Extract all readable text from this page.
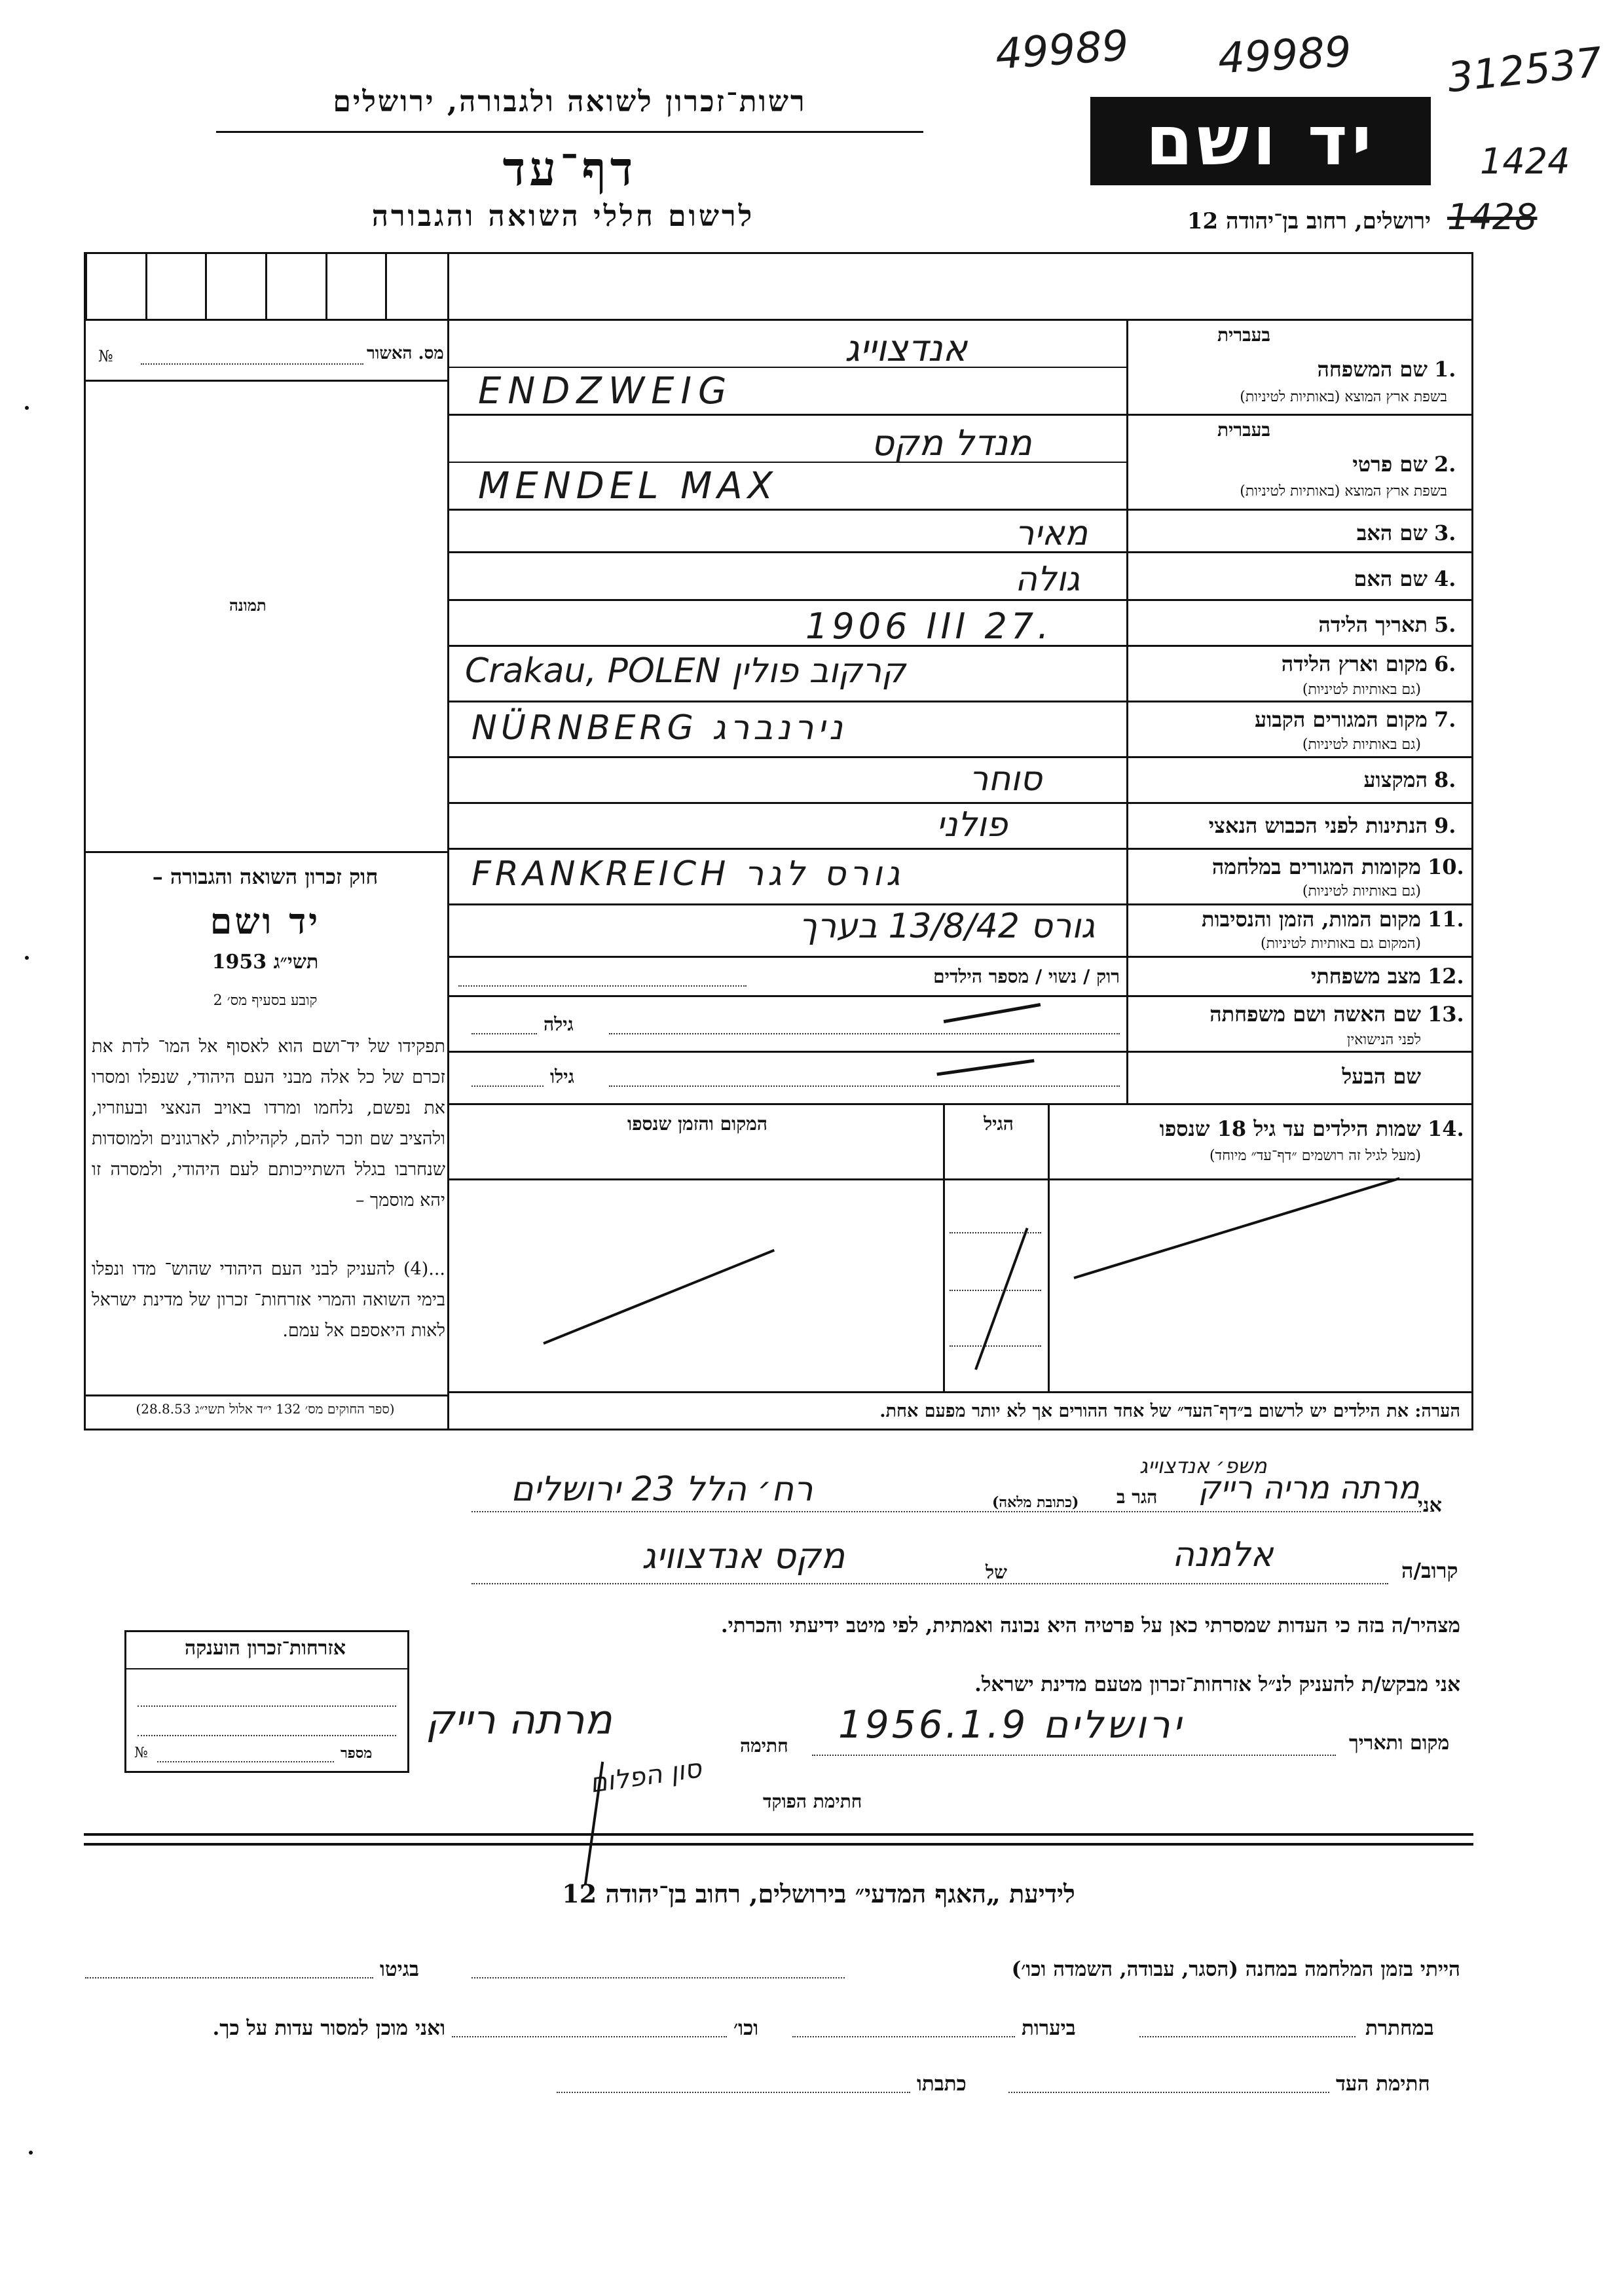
49989 49989 312537
1424
1428
רשות־זכרון לשואה ולגבורה, ירושלים
דף־עד
לרשום חללי השואה והגבורה
יד ושם
ירושלים, רחוב בן־יהודה 12
מס. האשור
№
תמונה
חוק זכרון השואה והגבורה –
יד ושם
תשי״ג 1953
קובע בסעיף מס׳ 2
תפקידו של יד־ושם הוא לאסוף אל המו־ לדת את זכרם של כל אלה מבני העם היהודי, שנפלו ומסרו את נפשם, נלחמו ומרדו באויב הנאצי ובעוזריו, ולהציב שם וזכר להם, לקהילות, לארגונים ולמוסדות שנחרבו בגלל השתייכותם לעם היהודי, ולמסרה זו יהא מוסמך –
...(4) להעניק לבני העם היהודי שהוש־ מדו ונפלו בימי השואה והמרי אזרחות־ זכרון של מדינת ישראל לאות היאספם אל עמם.
(ספר החוקים מס׳ 132 י״ד אלול תשי״ג 28.8.53)
בעברית
1.
שם המשפחה
בשפת ארץ המוצא (באותיות לטיניות)
אנדצוייג
ENDZWEIG
בעברית
2.
שם פרטי
בשפת ארץ המוצא (באותיות לטיניות)
מנדל מקס
MENDEL MAX
3.
שם האב
מאיר
4.
שם האם
גולה
5.
תאריך הלידה
1906 III 27.
6.
מקום וארץ הלידה
(גם באותיות לטיניות)
Crakau, POLEN קרקוב פולין
7.
מקום המגורים הקבוע
(גם באותיות לטיניות)
NÜRNBERG נירנברג
8.
המקצוע
סוחר
9.
הנתינות לפני הכבוש הנאצי
פולני
10.
מקומות המגורים במלחמה
(גם באותיות לטיניות)
FRANKREICH גורס לגר
11.
מקום המות, הזמן והנסיבות
(המקום גם באותיות לטיניות)
גורס 13/8/42 בערך
12.
מצב משפחתי
רוק / נשוי / מספר הילדים
13.
שם האשה ושם משפחתה
לפני הנישואין
גילה
שם הבעל
גילו
14.
שמות הילדים עד גיל 18 שנספו
(מעל לגיל זה רושמים ״דף־עד״ מיוחד)
הגיל
המקום והזמן שנספו
הערה: את הילדים יש לרשום ב״דף־העד״ של אחד ההורים אך לא יותר מפעם אחת.
אני
מרתה מריה רייק
משפ׳ אנדצוייג
הגר ב
(כתובת מלאה)
רח׳ הלל 23 ירושלים
קרוב/ה
אלמנה
של
מקס אנדצוויג
מצהיר/ה בזה כי העדות שמסרתי כאן על פרטיה היא נכונה ואמתית, לפי מיטב ידיעתי והכרתי.
אני מבקש/ת להעניק לנ״ל אזרחות־זכרון מטעם מדינת ישראל.
מקום ותאריך
ירושלים 1956.1.9
חתימה
מרתה רייק
חתימת הפוקד
סון הפלום
אזרחות־זכרון הוענקה
מספר
№
לידיעת „האגף המדעי״ בירושלים, רחוב בן־יהודה 12
הייתי בזמן המלחמה במחנה (הסגר, עבודה, השמדה וכו׳)
בגיטו
במחתרת
ביערות
וכו׳
ואני מוכן למסור עדות על כך.
חתימת העד
כתבתו
